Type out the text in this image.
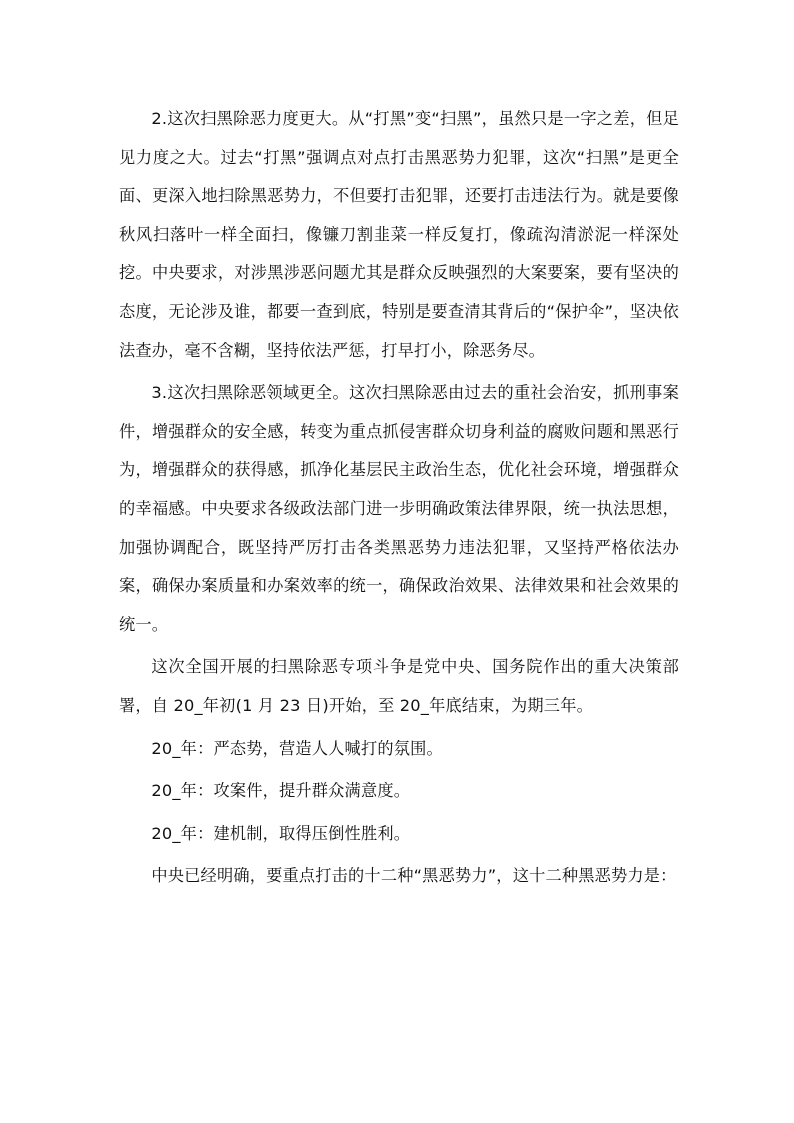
2.这次扫黑除恶力度更大。从“打黑”变“扫黑”，虽然只是一字之差，但足见力度之大。过去“打黑”强调点对点打击黑恶势力犯罪，这次“扫黑”是更全面、更深入地扫除黑恶势力，不但要打击犯罪，还要打击违法行为。就是要像秋风扫落叶一样全面扫，像镰刀割韭菜一样反复打，像疏沟清淤泥一样深处挖。中央要求，对涉黑涉恶问题尤其是群众反映强烈的大案要案，要有坚决的态度，无论涉及谁，都要一查到底，特别是要查清其背后的“保护伞”，坚决依法查办，毫不含糊，坚持依法严惩，打早打小，除恶务尽。

3.这次扫黑除恶领域更全。这次扫黑除恶由过去的重社会治安，抓刑事案件，增强群众的安全感，转变为重点抓侵害群众切身利益的腐败问题和黑恶行为，增强群众的获得感，抓净化基层民主政治生态，优化社会环境，增强群众的幸福感。中央要求各级政法部门进一步明确政策法律界限，统一执法思想，加强协调配合，既坚持严厉打击各类黑恶势力违法犯罪，又坚持严格依法办案，确保办案质量和办案效率的统一，确保政治效果、法律效果和社会效果的统一。

这次全国开展的扫黑除恶专项斗争是党中央、国务院作出的重大决策部署，自 20_年初(1 月 23 日)开始，至 20_年底结束，为期三年。

20_年：严态势，营造人人喊打的氛围。

20_年：攻案件，提升群众满意度。

20_年：建机制，取得压倒性胜利。

中央已经明确，要重点打击的十二种“黑恶势力”，这十二种黑恶势力是：
